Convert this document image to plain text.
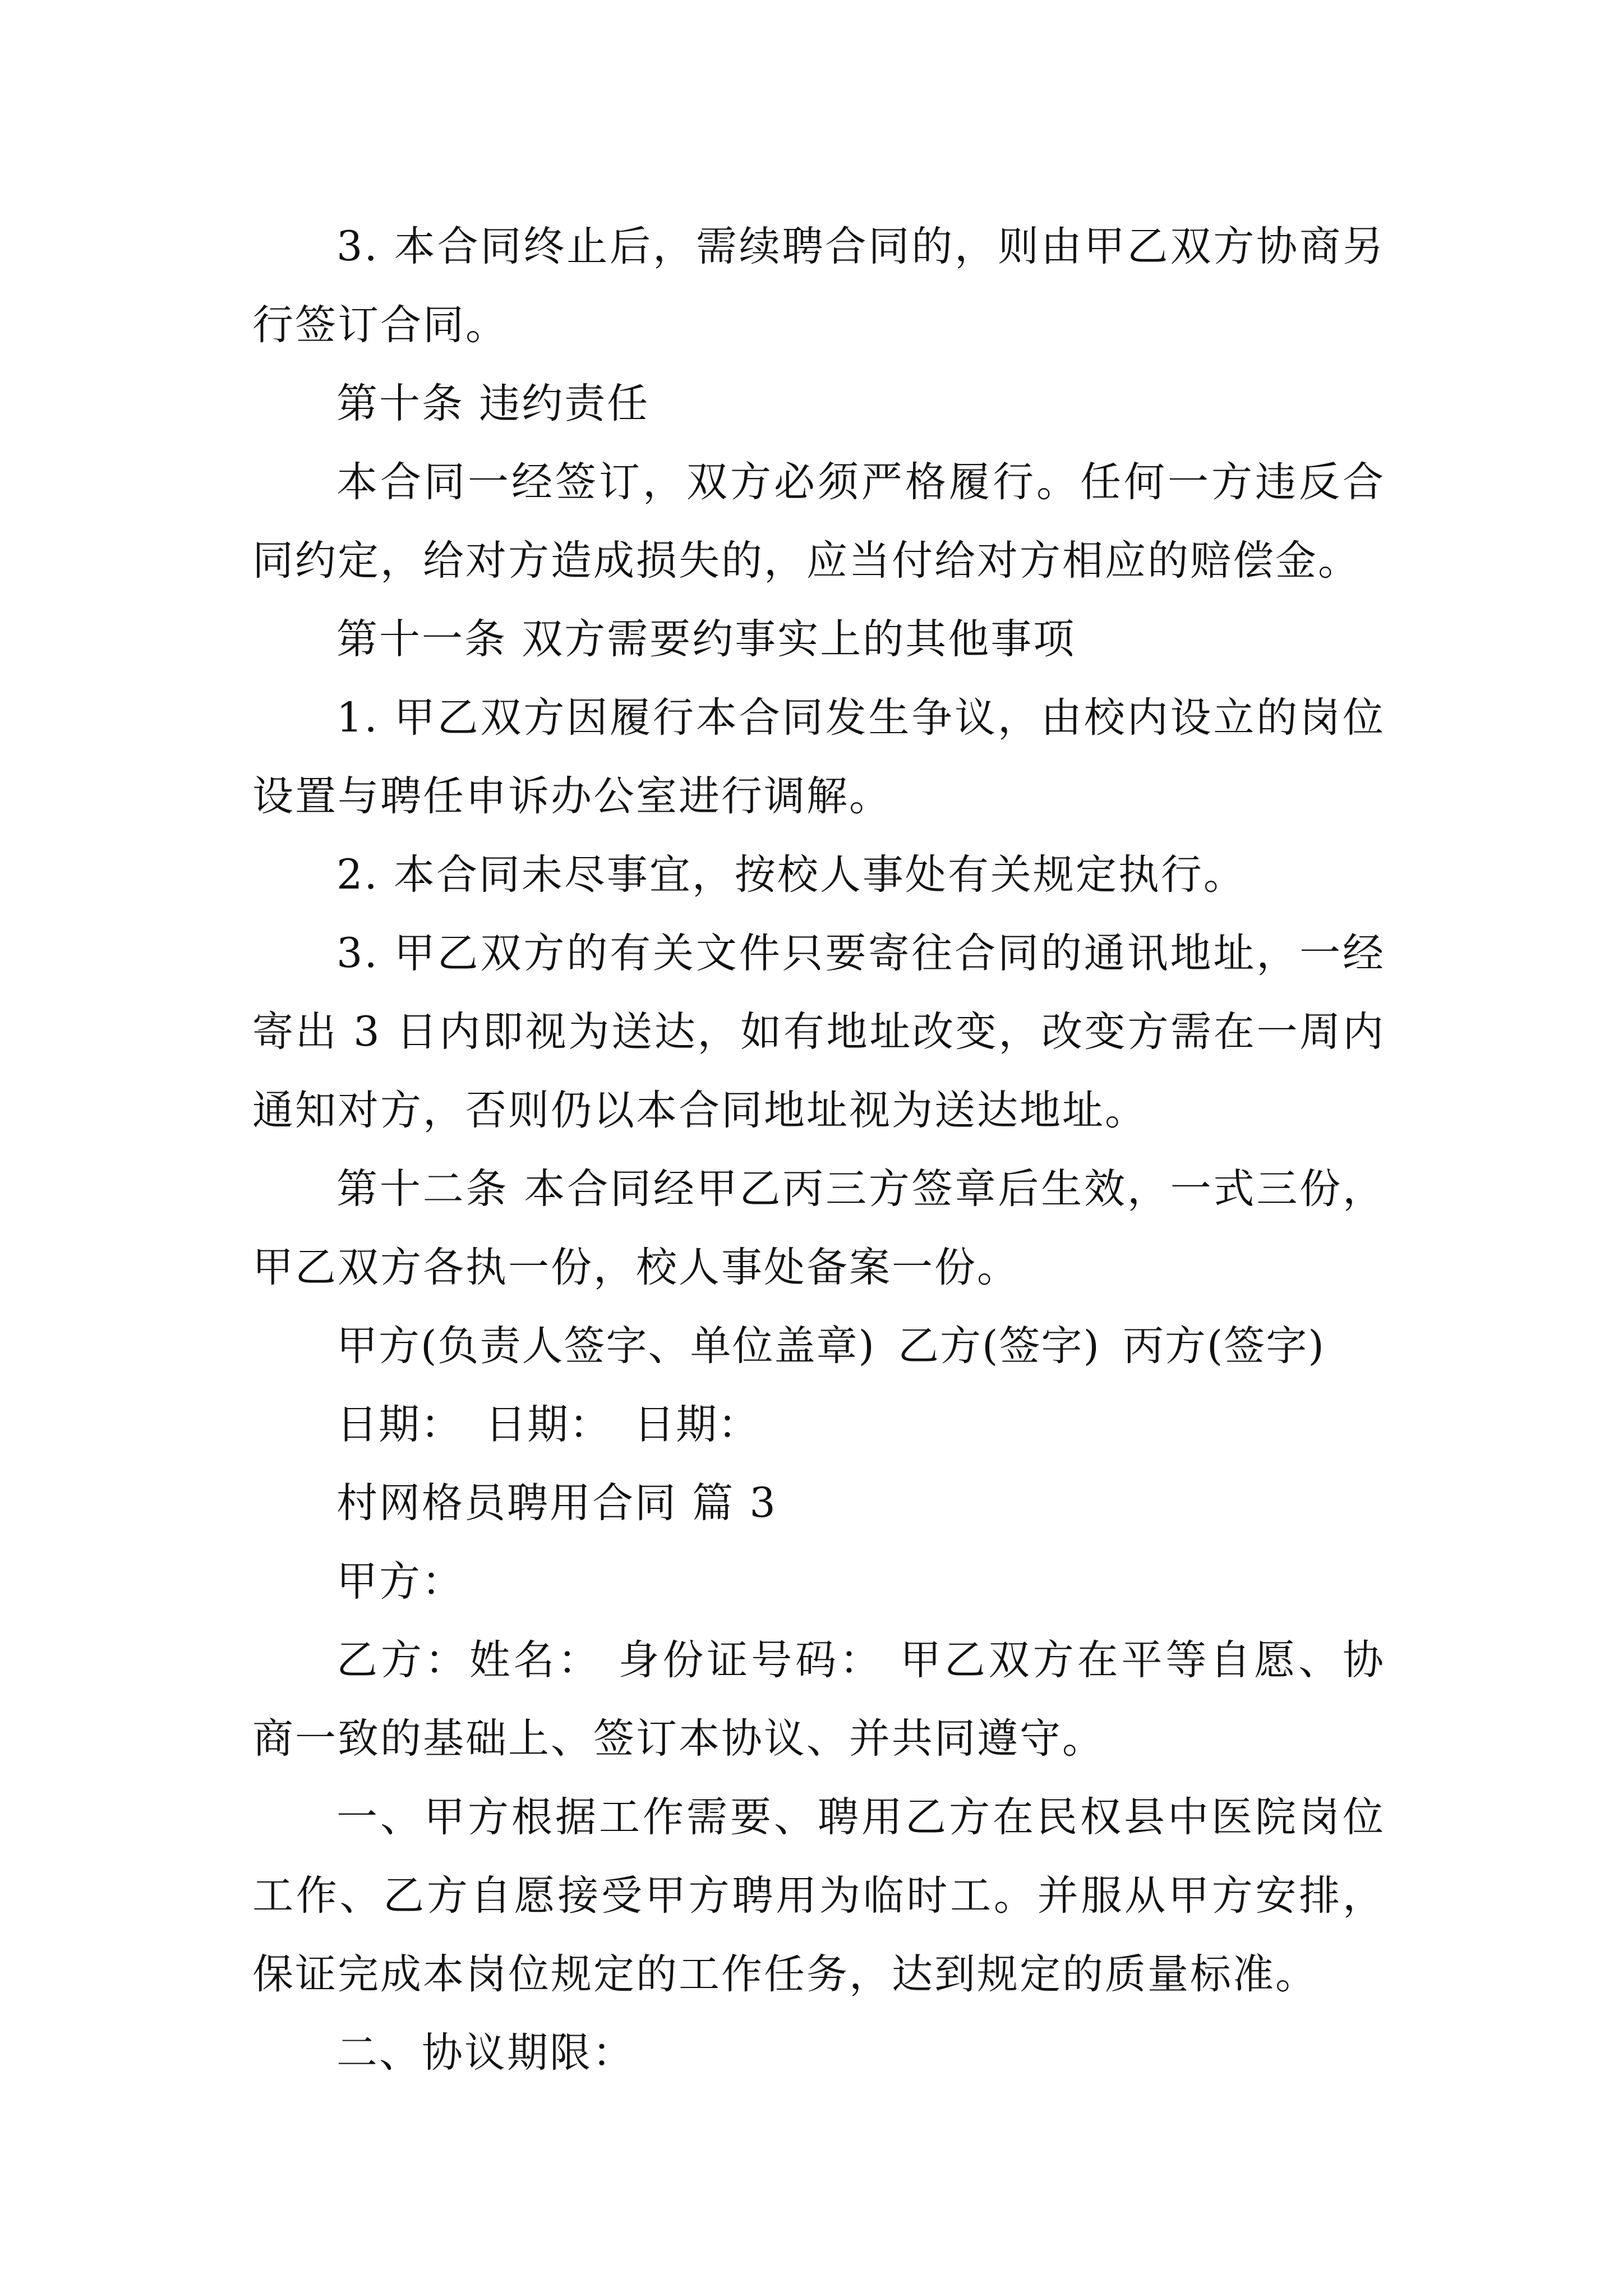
3. 本合同终止后，需续聘合同的，则由甲乙双方协商另行签订合同。

第十条 违约责任

本合同一经签订，双方必须严格履行。任何一方违反合同约定，给对方造成损失的，应当付给对方相应的赔偿金。

第十一条 双方需要约事实上的其他事项

1. 甲乙双方因履行本合同发生争议，由校内设立的岗位设置与聘任申诉办公室进行调解。

2. 本合同未尽事宜，按校人事处有关规定执行。

3. 甲乙双方的有关文件只要寄往合同的通讯地址，一经寄出 3 日内即视为送达，如有地址改变，改变方需在一周内通知对方，否则仍以本合同地址视为送达地址。

第十二条 本合同经甲乙丙三方签章后生效，一式三份，甲乙双方各执一份，校人事处备案一份。

甲方(负责人签字、单位盖章) 乙方(签字) 丙方(签字)

日期： 日期： 日期：

村网格员聘用合同 篇 3

甲方：

乙方：姓名： 身份证号码： 甲乙双方在平等自愿、协商一致的基础上、签订本协议、并共同遵守。

一、甲方根据工作需要、聘用乙方在民权县中医院岗位工作、乙方自愿接受甲方聘用为临时工。并服从甲方安排，保证完成本岗位规定的工作任务，达到规定的质量标准。

二、协议期限：
